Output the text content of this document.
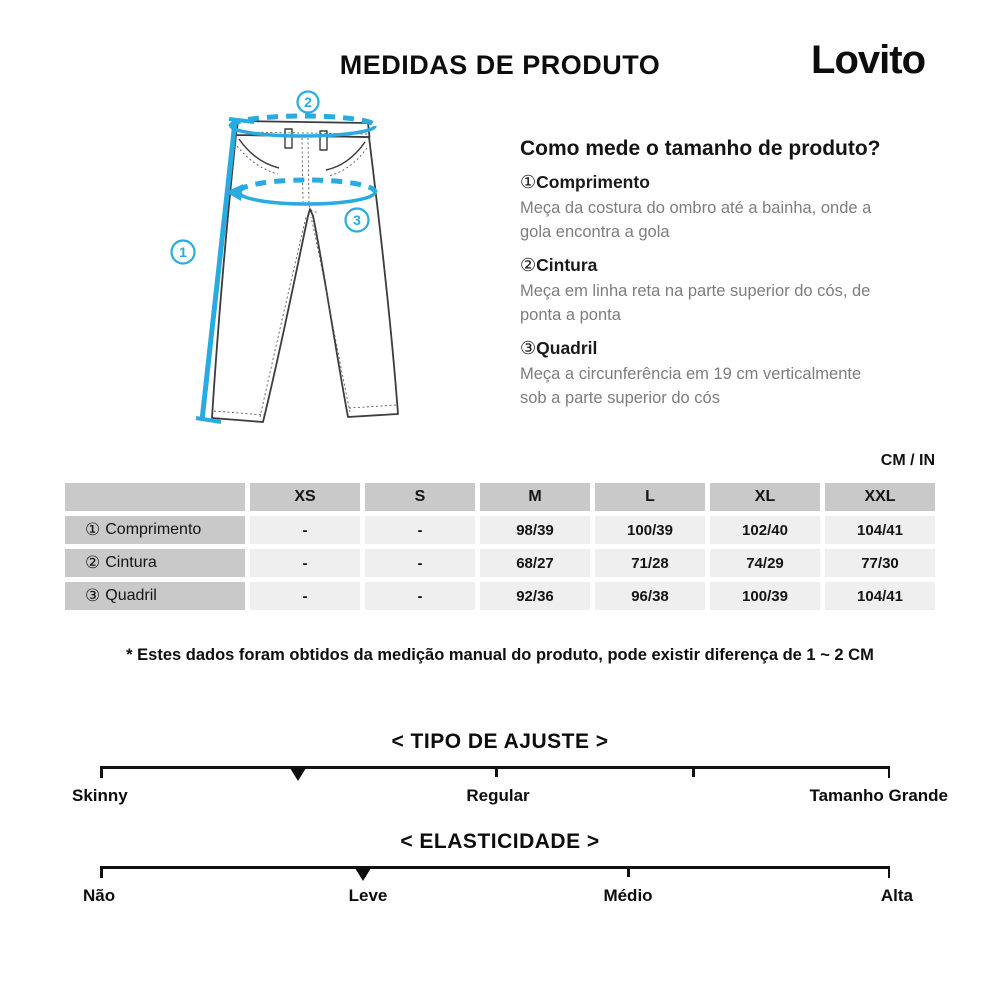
MEDIDAS DE PRODUTO	Lovito
1
2
3
Como mede o tamanho de produto?
①Comprimento
Meça da costura do ombro até a bainha, onde a gola encontra a gola
②Cintura
Meça em linha reta na parte superior do cós, de ponta a ponta
③Quadril
Meça a circunferência em 19 cm verticalmente sob a parte superior do cós
CM / IN
XS	S	M	L	XL	XXL
① Comprimento	-	-	98/39	100/39	102/40	104/41
② Cintura	-	-	68/27	71/28	74/29	77/30
③ Quadril	-	-	92/36	96/38	100/39	104/41
* Estes dados foram obtidos da medição manual do produto, pode existir diferença de 1 ~ 2 CM
< TIPO DE AJUSTE >
Skinny	Regular	Tamanho Grande
< ELASTICIDADE >
Não	Leve	Médio	Alta
